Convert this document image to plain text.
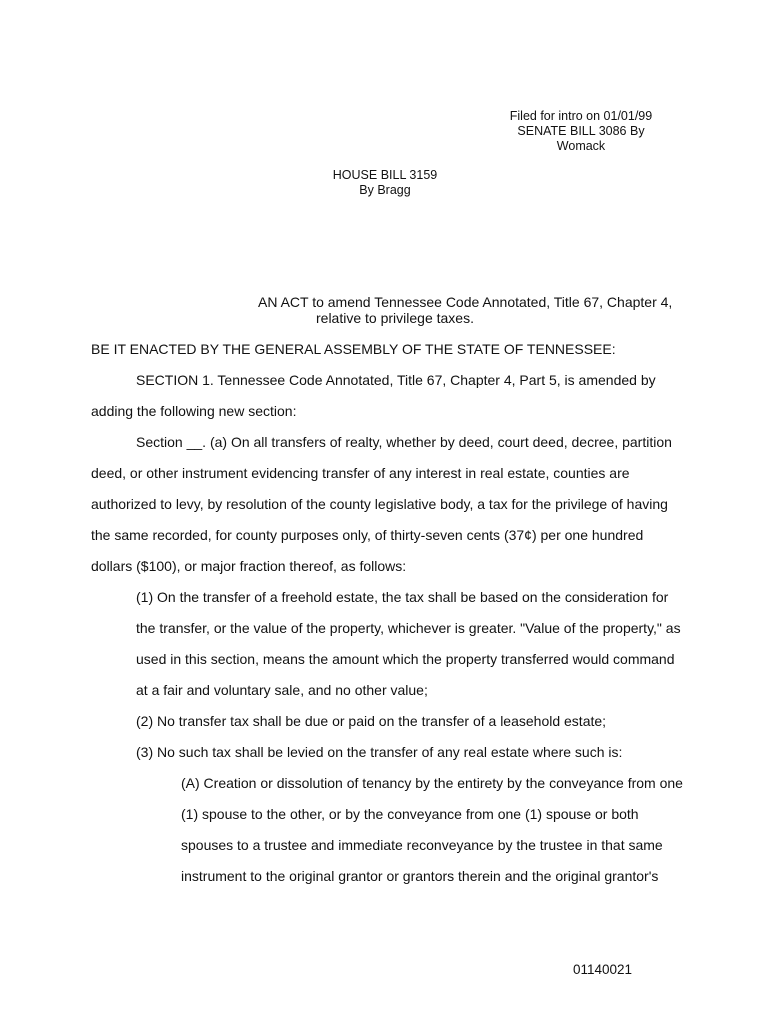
Filed for intro on 01/01/99
SENATE BILL 3086 By
Womack
HOUSE BILL 3159
By Bragg
AN ACT to amend Tennessee Code Annotated, Title 67, Chapter 4,
relative to privilege taxes.
BE IT ENACTED BY THE GENERAL ASSEMBLY OF THE STATE OF TENNESSEE:
SECTION 1. Tennessee Code Annotated, Title 67, Chapter 4, Part 5, is amended by
adding the following new section:
Section __. (a) On all transfers of realty, whether by deed, court deed, decree, partition
deed, or other instrument evidencing transfer of any interest in real estate, counties are
authorized to levy, by resolution of the county legislative body, a tax for the privilege of having
the same recorded, for county purposes only, of thirty-seven cents (37¢) per one hundred
dollars ($100), or major fraction thereof, as follows:
(1) On the transfer of a freehold estate, the tax shall be based on the consideration for
the transfer, or the value of the property, whichever is greater. "Value of the property," as
used in this section, means the amount which the property transferred would command
at a fair and voluntary sale, and no other value;
(2) No transfer tax shall be due or paid on the transfer of a leasehold estate;
(3) No such tax shall be levied on the transfer of any real estate where such is:
(A) Creation or dissolution of tenancy by the entirety by the conveyance from one
(1) spouse to the other, or by the conveyance from one (1) spouse or both
spouses to a trustee and immediate reconveyance by the trustee in that same
instrument to the original grantor or grantors therein and the original grantor's
01140021
